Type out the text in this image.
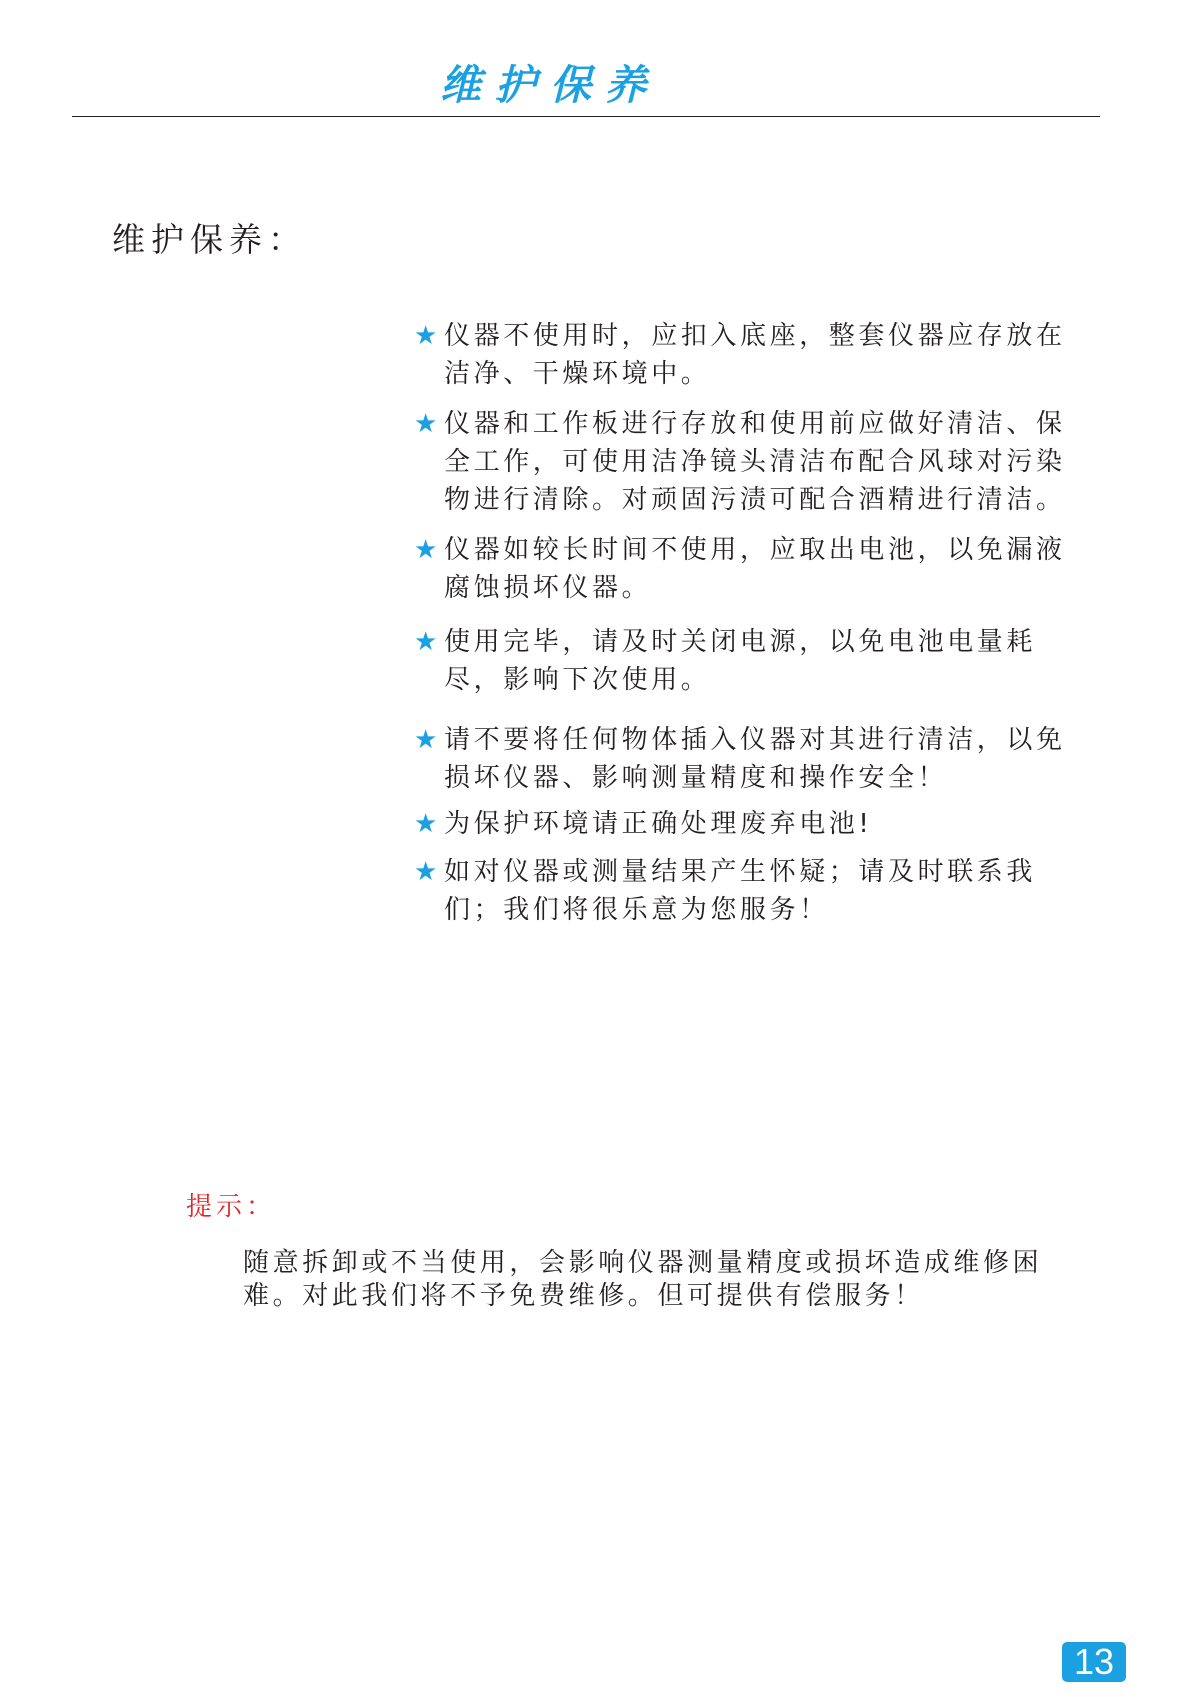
维护保养
维护保养：
★ 仪器不使用时，应扣入底座，整套仪器应存放在洁净、干燥环境中。
★ 仪器和工作板进行存放和使用前应做好清洁、保全工作，可使用洁净镜头清洁布配合风球对污染物进行清除。对顽固污渍可配合酒精进行清洁。
★ 仪器如较长时间不使用，应取出电池，以免漏液腐蚀损坏仪器。
★ 使用完毕，请及时关闭电源，以免电池电量耗尽，影响下次使用。
★ 请不要将任何物体插入仪器对其进行清洁，以免损坏仪器、影响测量精度和操作安全！
★ 为保护环境请正确处理废弃电池!
★ 如对仪器或测量结果产生怀疑；请及时联系我们；我们将很乐意为您服务！
提示：
随意拆卸或不当使用，会影响仪器测量精度或损坏造成维修困难。对此我们将不予免费维修。但可提供有偿服务！
13
